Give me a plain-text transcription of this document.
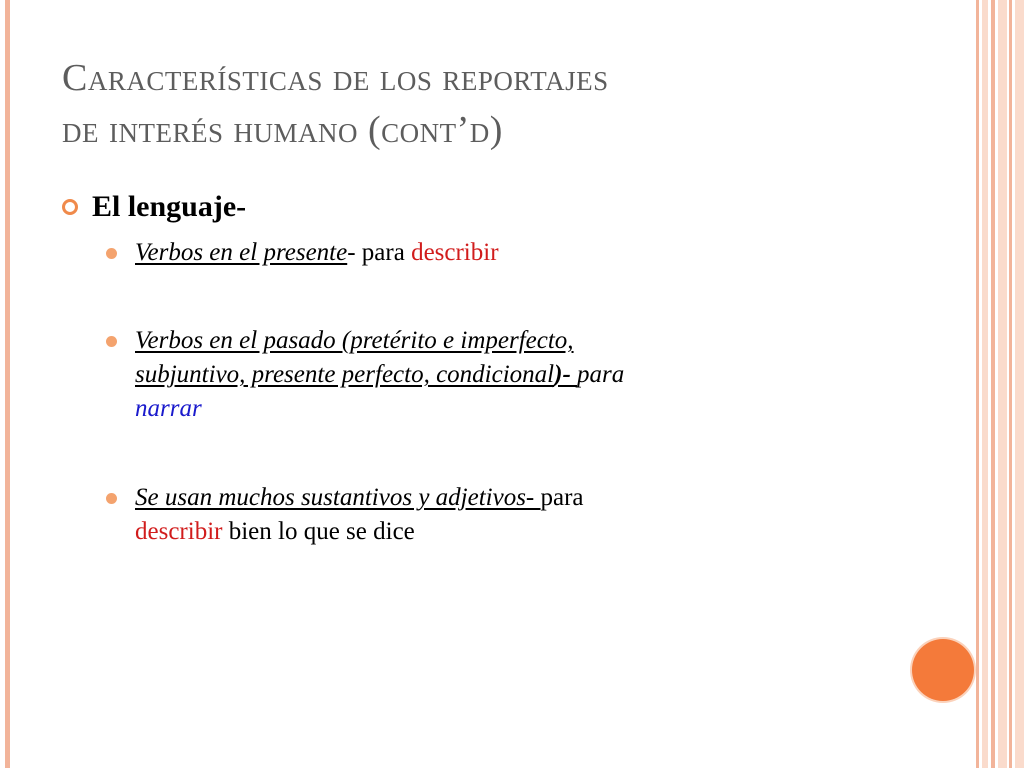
Características de los reportajes
de interés humano (cont’d)
El lenguaje-
Verbos en el presente- para describir
Verbos en el pasado (pretérito e imperfecto,
subjuntivo, presente perfecto, condicional)- para
narrar
Se usan muchos sustantivos y adjetivos- para
describir bien lo que se dice
